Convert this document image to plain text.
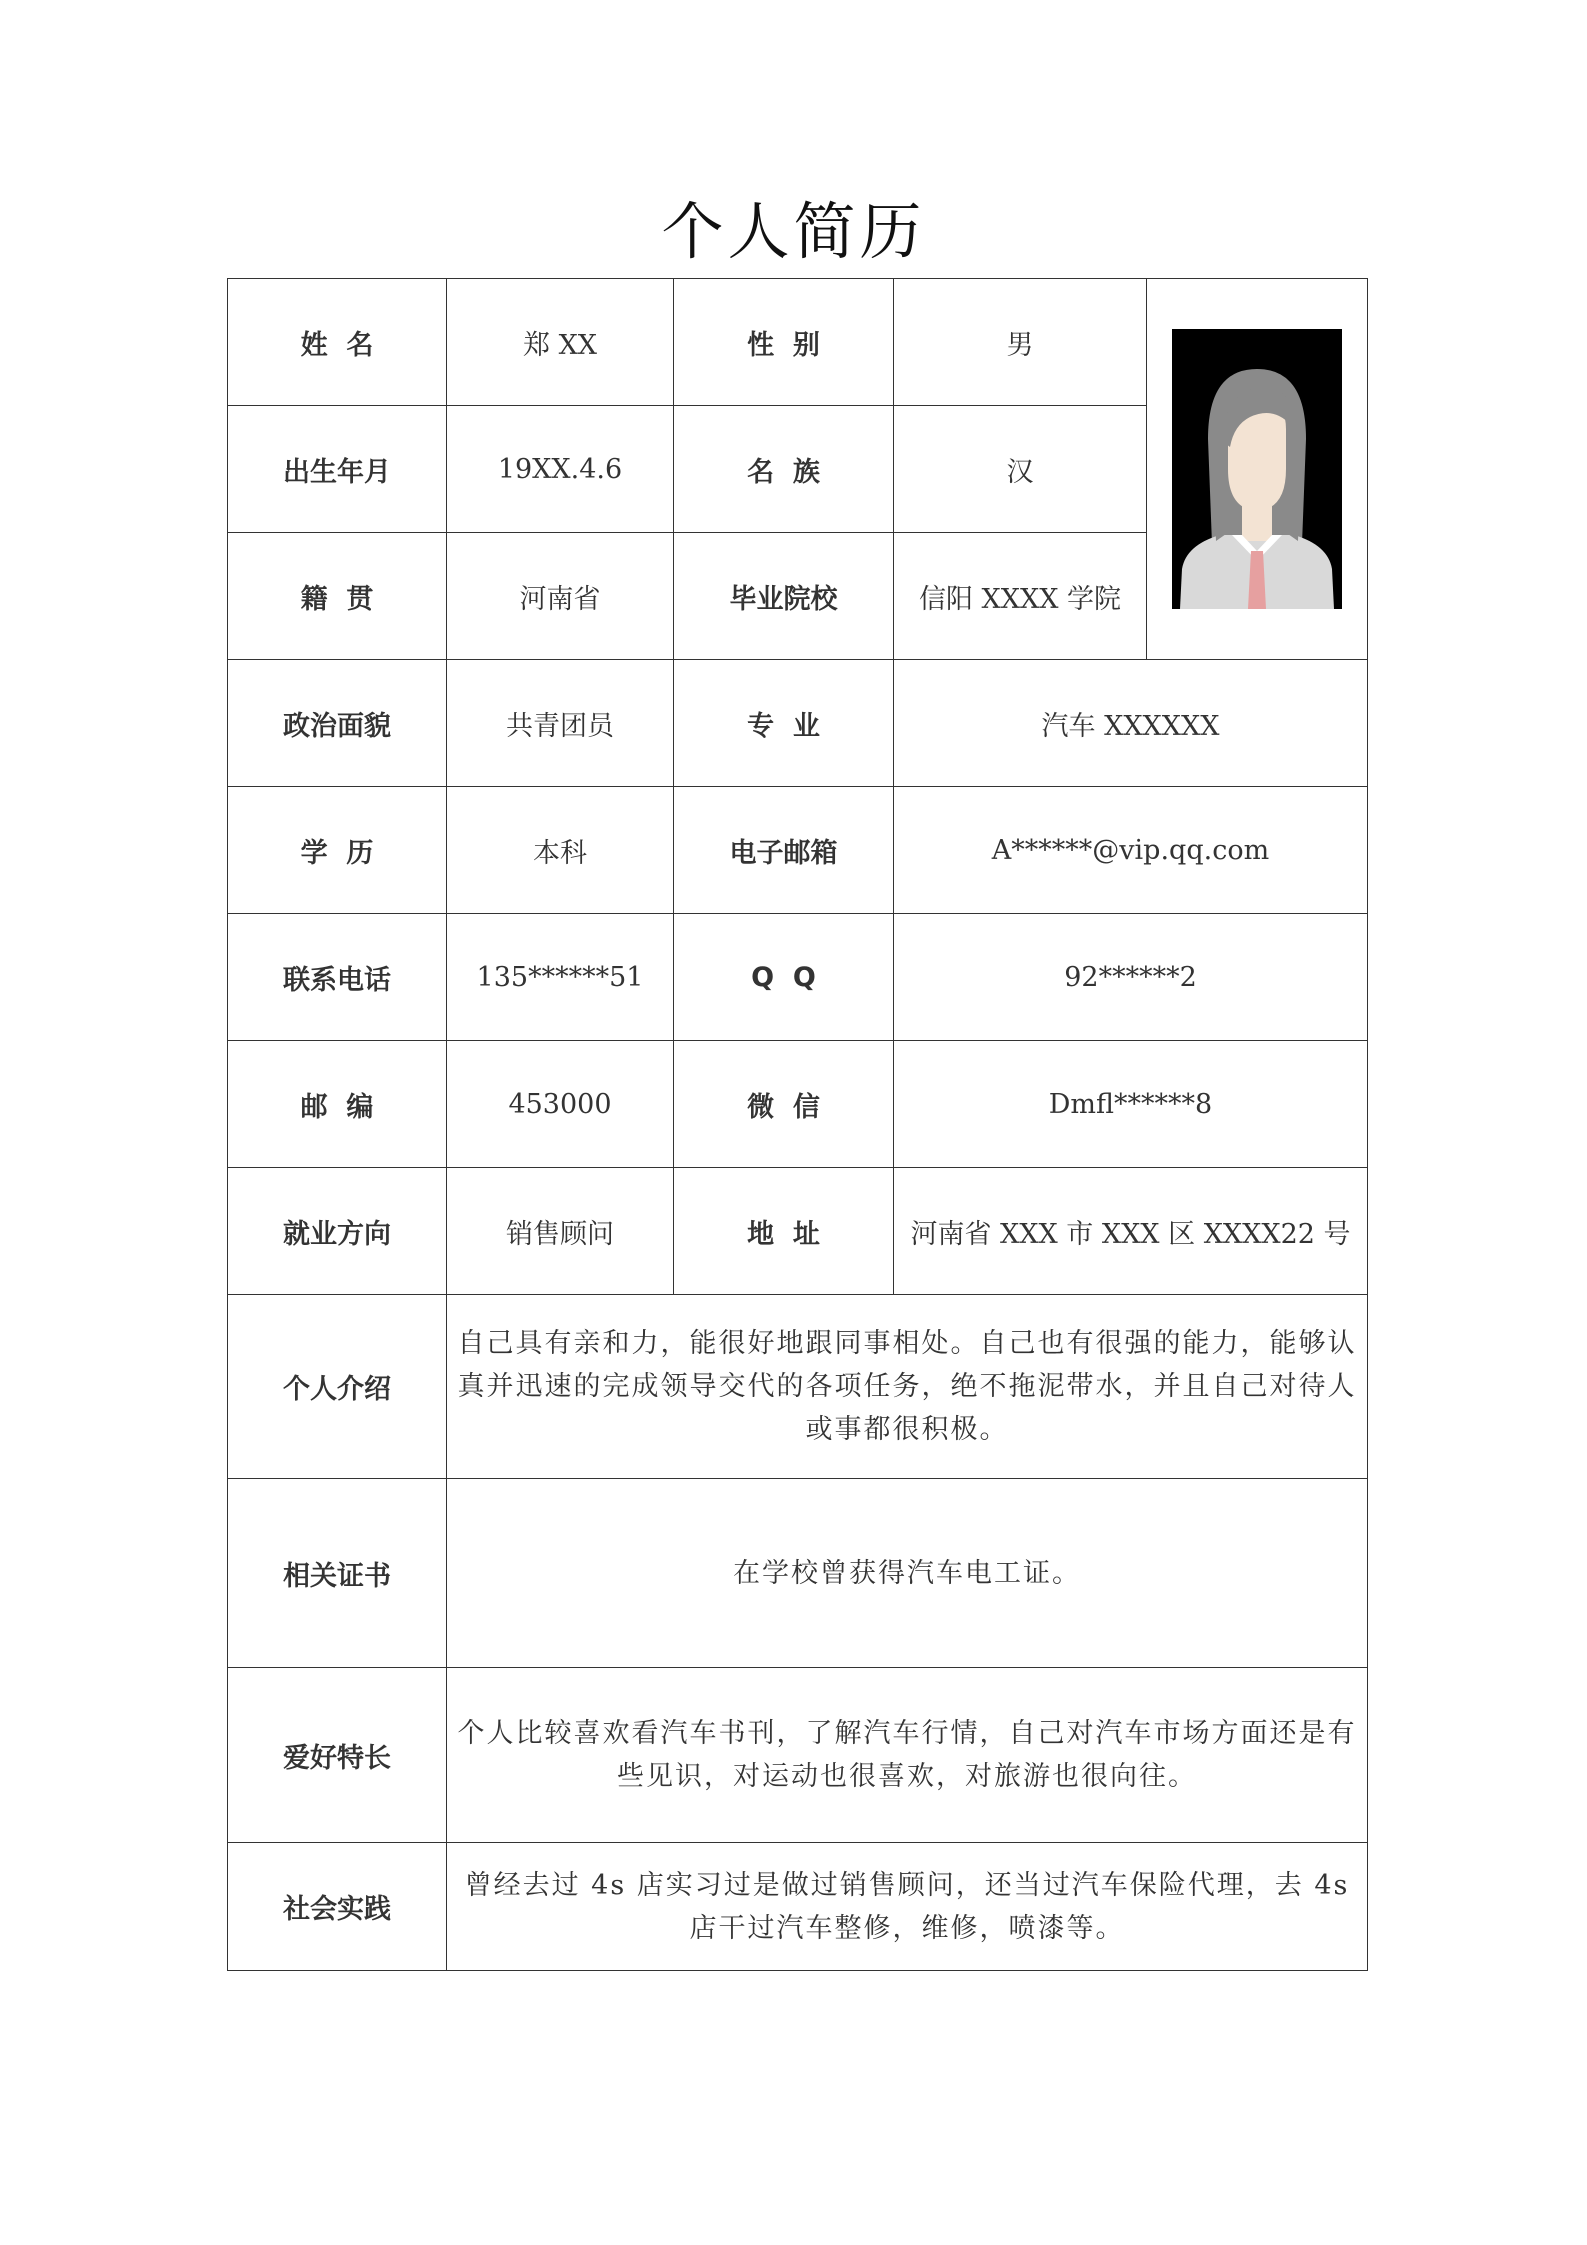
个人简历
姓  名	郑 XX	性  别	男	
出生年月	19XX.4.6	名  族	汉	
籍  贯	河南省	毕业院校	信阳 XXXX 学院	
政治面貌	共青团员	专  业	汽车 XXXXXX	
学  历	本科	电子邮箱	A******@vip.qq.com	
联系电话	135******51	Q  Q	92******2	
邮  编	453000	微  信	Dmfl******8	
就业方向	销售顾问	地  址	河南省 XXX 市 XXX 区 XXXX22 号	
个人介绍	自己具有亲和力，能很好地跟同事相处。自己也有很强的能力，能够认真并迅速的完成领导交代的各项任务，绝不拖泥带水，并且自己对待人或事都很积极。			
相关证书	在学校曾获得汽车电工证。			
爱好特长	个人比较喜欢看汽车书刊，了解汽车行情，自己对汽车市场方面还是有些见识，对运动也很喜欢，对旅游也很向往。			
社会实践	曾经去过 4s 店实习过是做过销售顾问，还当过汽车保险代理，去 4s 店干过汽车整修，维修，喷漆等。			
